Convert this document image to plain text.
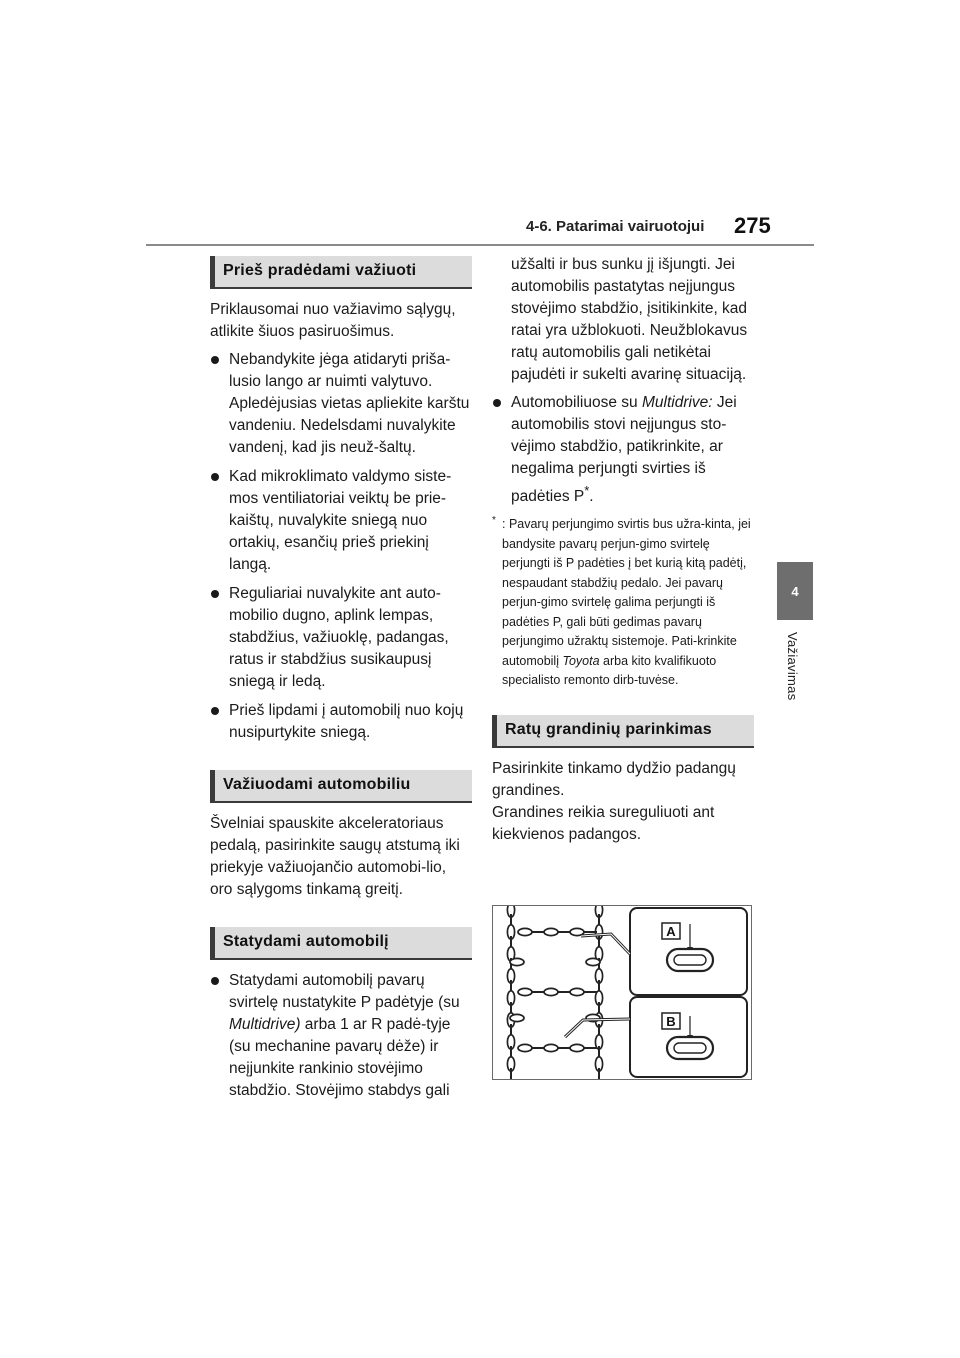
4-6. Patarimai vairuotojui 275
4
Važiavimas
Prieš pradėdami važiuoti

Priklausomai nuo važiavimo sąlygų, atlikite šiuos pasiruošimus.

Nebandykite jėga atidaryti priša-lusio lango ar nuimti valytuvo. Apledėjusias vietas apliekite karštu vandeniu. Nedelsdami nuvalykite vandenį, kad jis neuž-šaltų.
Kad mikroklimato valdymo siste-mos ventiliatoriai veiktų be prie-kaištų, nuvalykite sniegą nuo ortakių, esančių prieš priekinį langą.
Reguliariai nuvalykite ant auto-mobilio dugno, aplink lempas, stabdžius, važiuoklę, padangas, ratus ir stabdžius susikaupusį sniegą ir ledą.
Prieš lipdami į automobilį nuo kojų nusipurtykite sniegą.
Važiuodami automobiliu

Švelniai spauskite akceleratoriaus pedalą, pasirinkite saugų atstumą iki priekyje važiuojančio automobi-lio, oro sąlygoms tinkamą greitį.

Statydami automobilį
Statydami automobilį pavarų svirtelę nustatykite P padėtyje (su Multidrive) arba 1 ar R padė-tyje (su mechanine pavarų dėže) ir neįjunkite rankinio stovėjimo stabdžio. Stovėjimo stabdys gali

užšalti ir bus sunku jį išjungti. Jei automobilis pastatytas neįjungus stovėjimo stabdžio, įsitikinkite, kad ratai yra užblokuoti. Neužblokavus ratų automobilis gali netikėtai pajudėti ir sukelti avarinę situaciją.

Automobiliuose su Multidrive: Jei automobilis stovi neįjungus sto-vėjimo stabdžio, patikrinkite, ar negalima perjungti svirties iš padėties P*.
* : Pavarų perjungimo svirtis bus užra-kinta, jei bandysite pavarų perjun-gimo svirtelę perjungti iš P padėties į bet kurią kitą padėtį, nespaudant stabdžių pedalo. Jei pavarų perjun-gimo svirtelę galima perjungti iš padėties P, gali būti gedimas pavarų perjungimo užraktų sistemoje. Pati-krinkite automobilį Toyota arba kito kvalifikuoto specialisto remonto dirb-tuvėse.
Ratų grandinių parinkimas

Pasirinkite tinkamo dydžio padangų grandines.

Grandines reikia sureguliuoti ant kiekvienos padangos.

A
B
